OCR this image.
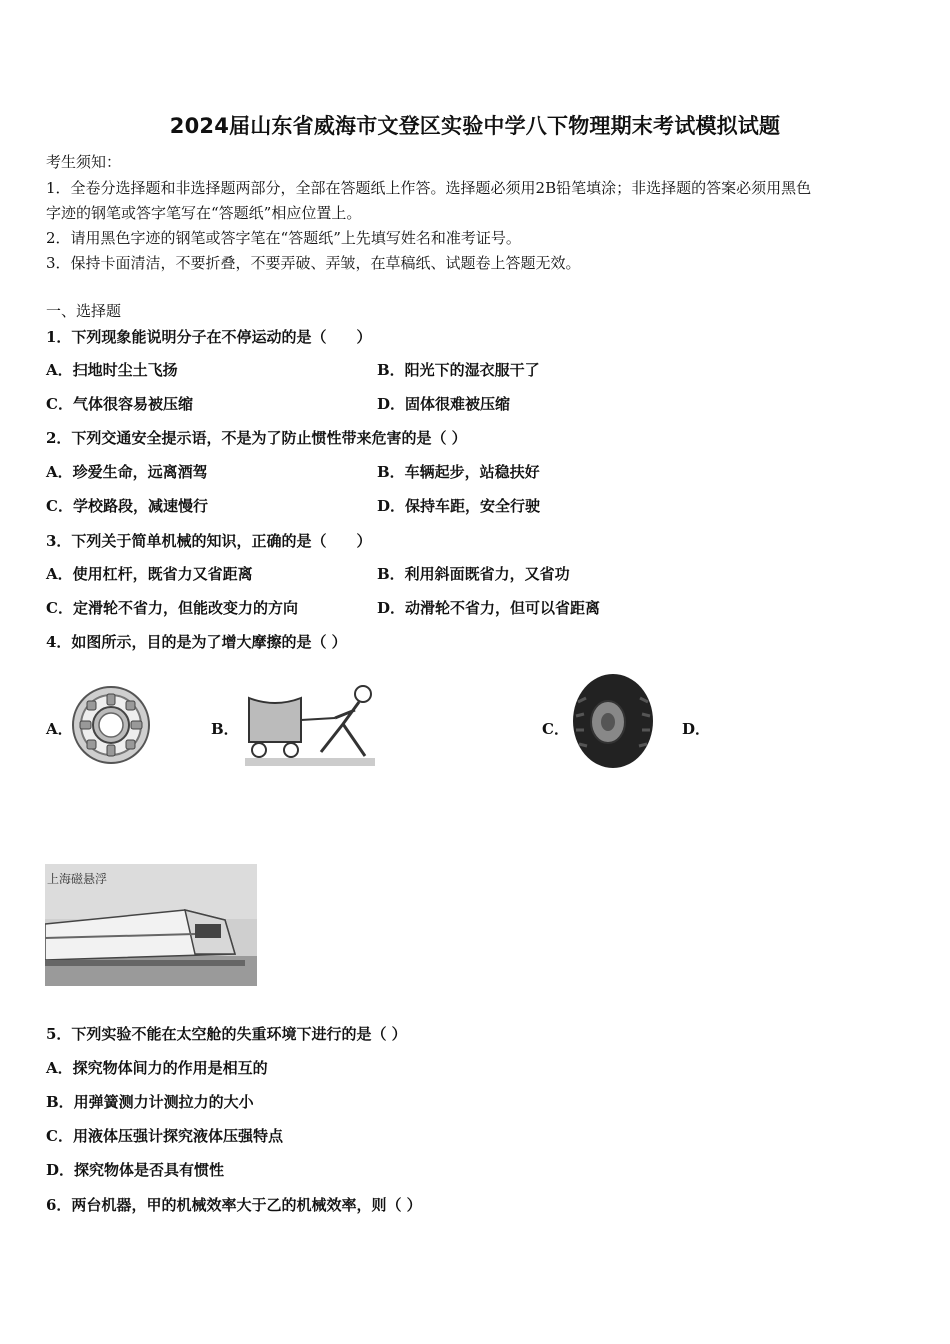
2024届山东省威海市文登区实验中学八下物理期末考试模拟试题
考生须知：
1．全卷分选择题和非选择题两部分，全部在答题纸上作答。选择题必须用2B铅笔填涂；非选择题的答案必须用黑色
字迹的钢笔或答字笔写在“答题纸”相应位置上。
2．请用黑色字迹的钢笔或答字笔在“答题纸”上先填写姓名和准考证号。
3．保持卡面清洁，不要折叠，不要弄破、弄皱，在草稿纸、试题卷上答题无效。
一、选择题
1．下列现象能说明分子在不停运动的是（　　）
A．扫地时尘土飞扬	B．阳光下的湿衣服干了
C．气体很容易被压缩	D．固体很难被压缩
2．下列交通安全提示语，不是为了防止惯性带来危害的是（ ）
A．珍爱生命，远离酒驾	B．车辆起步，站稳扶好
C．学校路段，减速慢行	D．保持车距，安全行驶
3．下列关于简单机械的知识，正确的是（　　）
A．使用杠杆，既省力又省距离	B．利用斜面既省力，又省功
C．定滑轮不省力，但能改变力的方向	D．动滑轮不省力，但可以省距离
4．如图所示，目的是为了增大摩擦的是（ ）
A．	B．	C．	D．
上海磁悬浮
5．下列实验不能在太空舱的失重环境下进行的是（ ）
A．探究物体间力的作用是相互的
B．用弹簧测力计测拉力的大小
C．用液体压强计探究液体压强特点
D．探究物体是否具有惯性
6．两台机器，甲的机械效率大于乙的机械效率，则（ ）
